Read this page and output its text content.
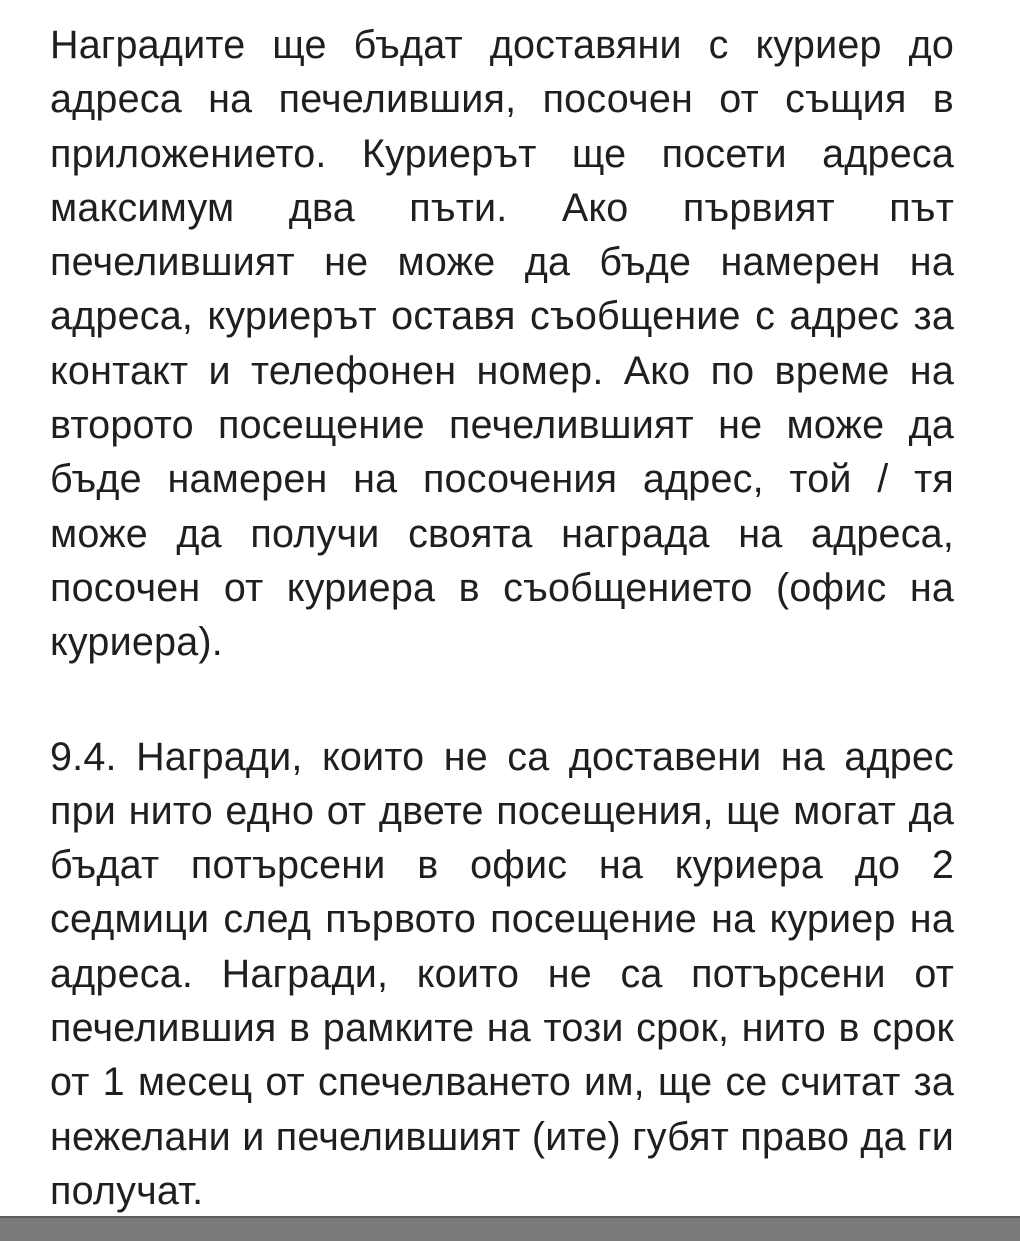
Наградите ще бъдат доставяни с куриер до адреса на печелившия, посочен от същия в приложението. Куриерът ще посети адреса максимум два пъти. Ако първият път печелившият не може да бъде намерен на адреса, куриерът оставя съобщение с адрес за контакт и телефонен номер. Ако по време на второто посещение печелившият не може да бъде намерен на посочения адрес, той / тя може да получи своята награда на адреса, посочен от куриера в съобщението (офис на куриера).

9.4. Награди, които не са доставени на адрес при нито едно от двете посещения, ще могат да бъдат потърсени в офис на куриера до 2 седмици след първото посещение на куриер на адреса. Награди, които не са потърсени от печелившия в рамките на този срок, нито в срок от 1 месец от спечелването им, ще се считат за нежелани и печелившият (ите) губят право да ги получат.
